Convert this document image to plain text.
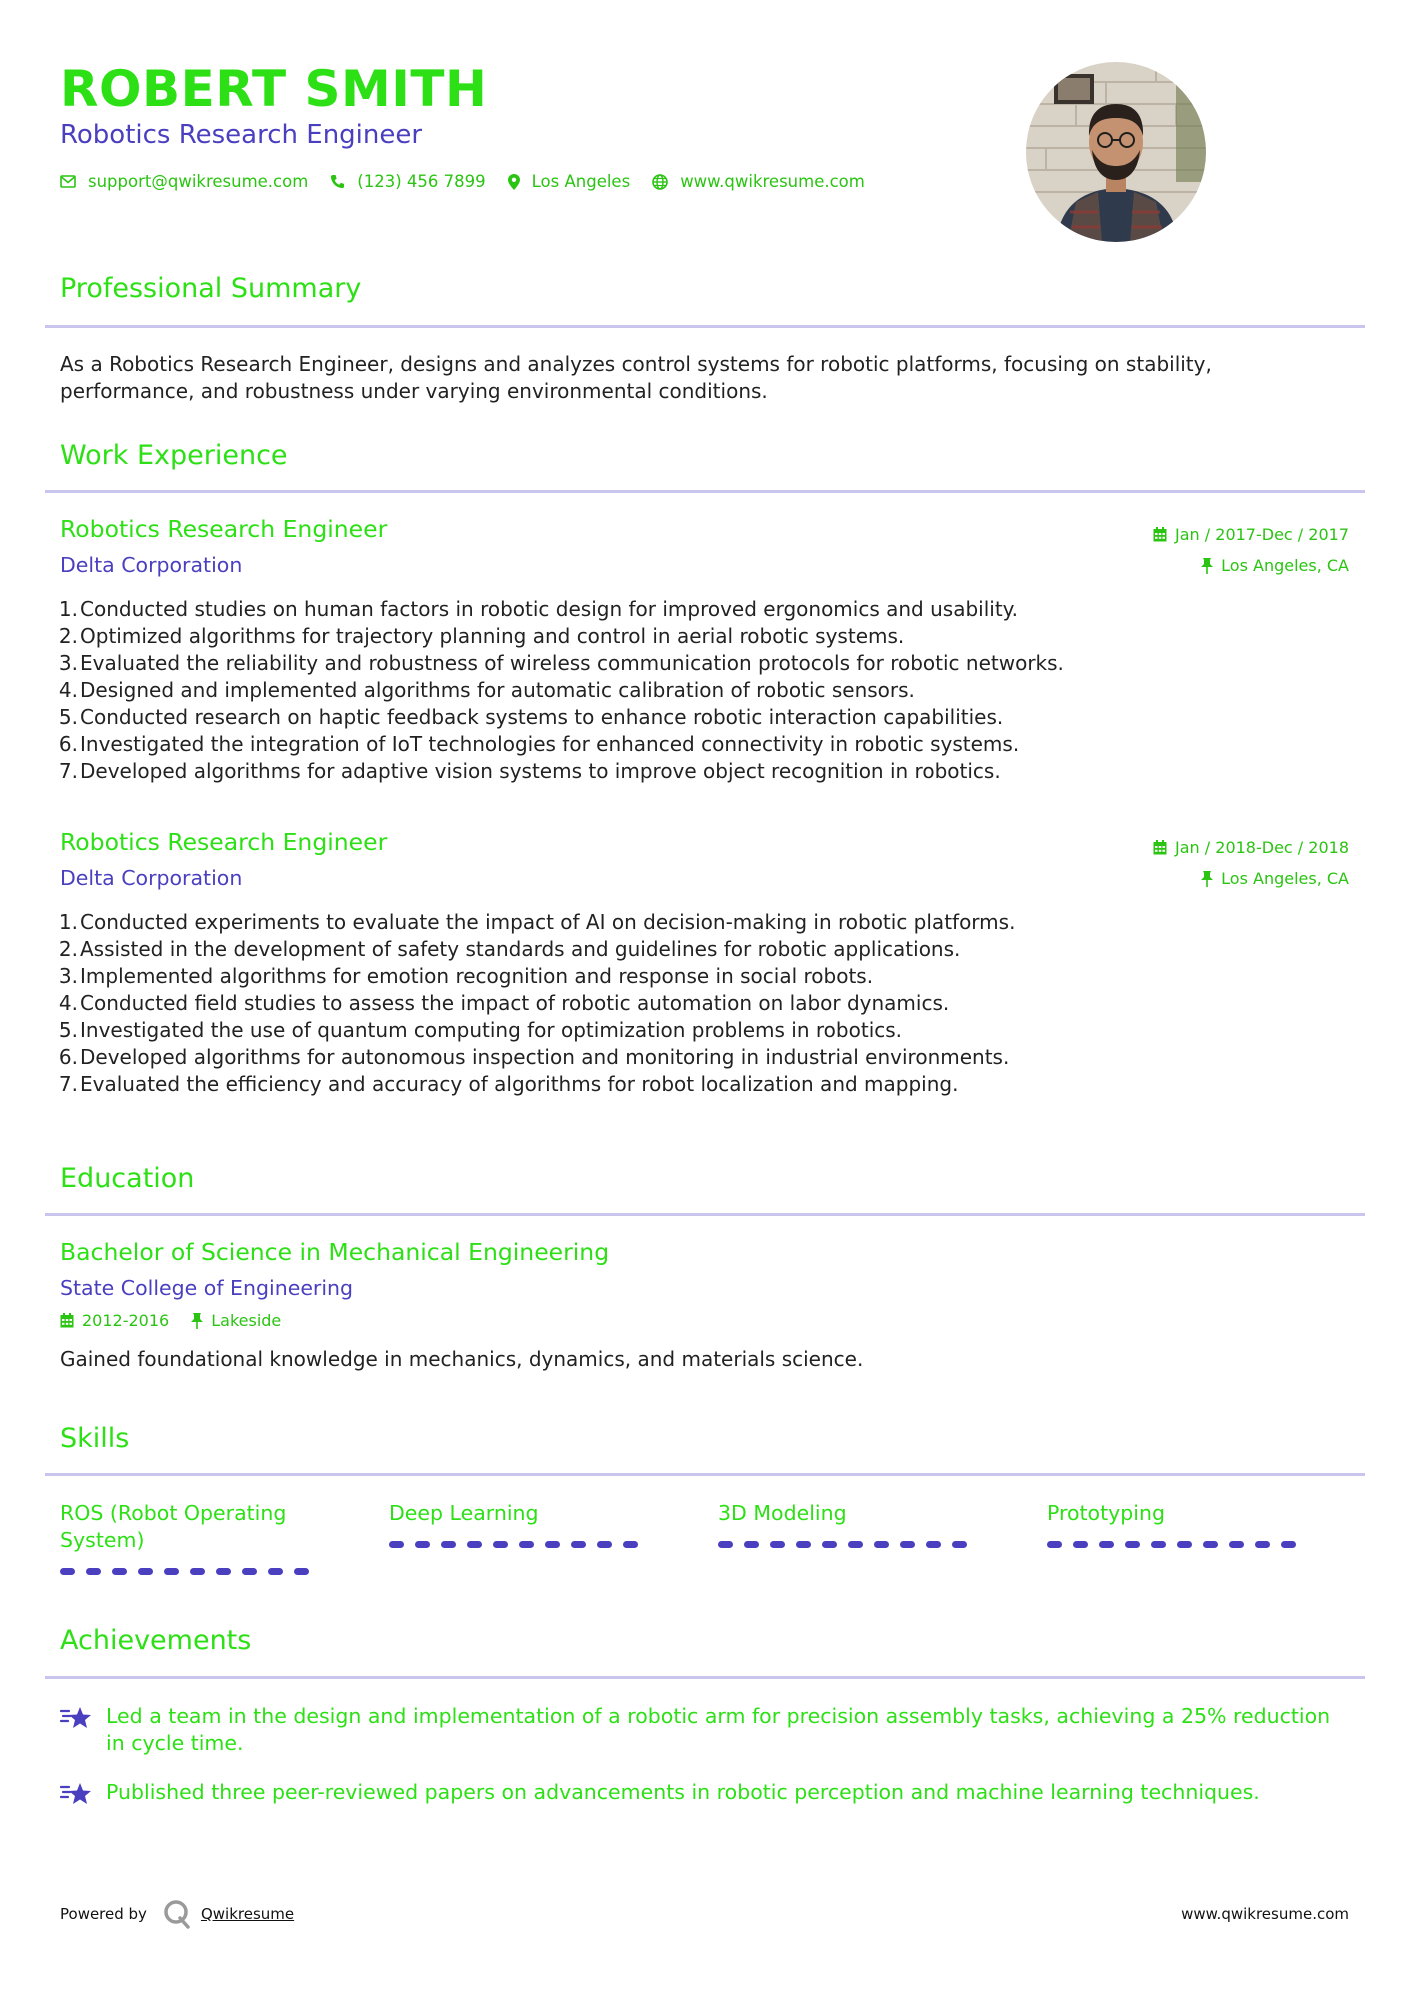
ROBERT SMITH
Robotics Research Engineer
support@qwikresume.com	(123) 456 7899	Los Angeles	www.qwikresume.com
Professional Summary
As a Robotics Research Engineer, designs and analyzes control systems for robotic platforms, focusing on stability, performance, and robustness under varying environmental conditions.
Work Experience
Robotics Research Engineer
Delta Corporation
Jan / 2017-Dec / 2017
Los Angeles, CA
1. Conducted studies on human factors in robotic design for improved ergonomics and usability.
2. Optimized algorithms for trajectory planning and control in aerial robotic systems.
3. Evaluated the reliability and robustness of wireless communication protocols for robotic networks.
4. Designed and implemented algorithms for automatic calibration of robotic sensors.
5. Conducted research on haptic feedback systems to enhance robotic interaction capabilities.
6. Investigated the integration of IoT technologies for enhanced connectivity in robotic systems.
7. Developed algorithms for adaptive vision systems to improve object recognition in robotics.
Robotics Research Engineer
Delta Corporation
Jan / 2018-Dec / 2018
Los Angeles, CA
1. Conducted experiments to evaluate the impact of AI on decision-making in robotic platforms.
2. Assisted in the development of safety standards and guidelines for robotic applications.
3. Implemented algorithms for emotion recognition and response in social robots.
4. Conducted field studies to assess the impact of robotic automation on labor dynamics.
5. Investigated the use of quantum computing for optimization problems in robotics.
6. Developed algorithms for autonomous inspection and monitoring in industrial environments.
7. Evaluated the efficiency and accuracy of algorithms for robot localization and mapping.
Education
Bachelor of Science in Mechanical Engineering
State College of Engineering
2012-2016	Lakeside
Gained foundational knowledge in mechanics, dynamics, and materials science.
Skills
ROS (Robot Operating System)
Deep Learning	3D Modeling	Prototyping
Achievements
Led a team in the design and implementation of a robotic arm for precision assembly tasks, achieving a 25% reduction in cycle time.
Published three peer-reviewed papers on advancements in robotic perception and machine learning techniques.
Powered by	Qwikresume	www.qwikresume.com
